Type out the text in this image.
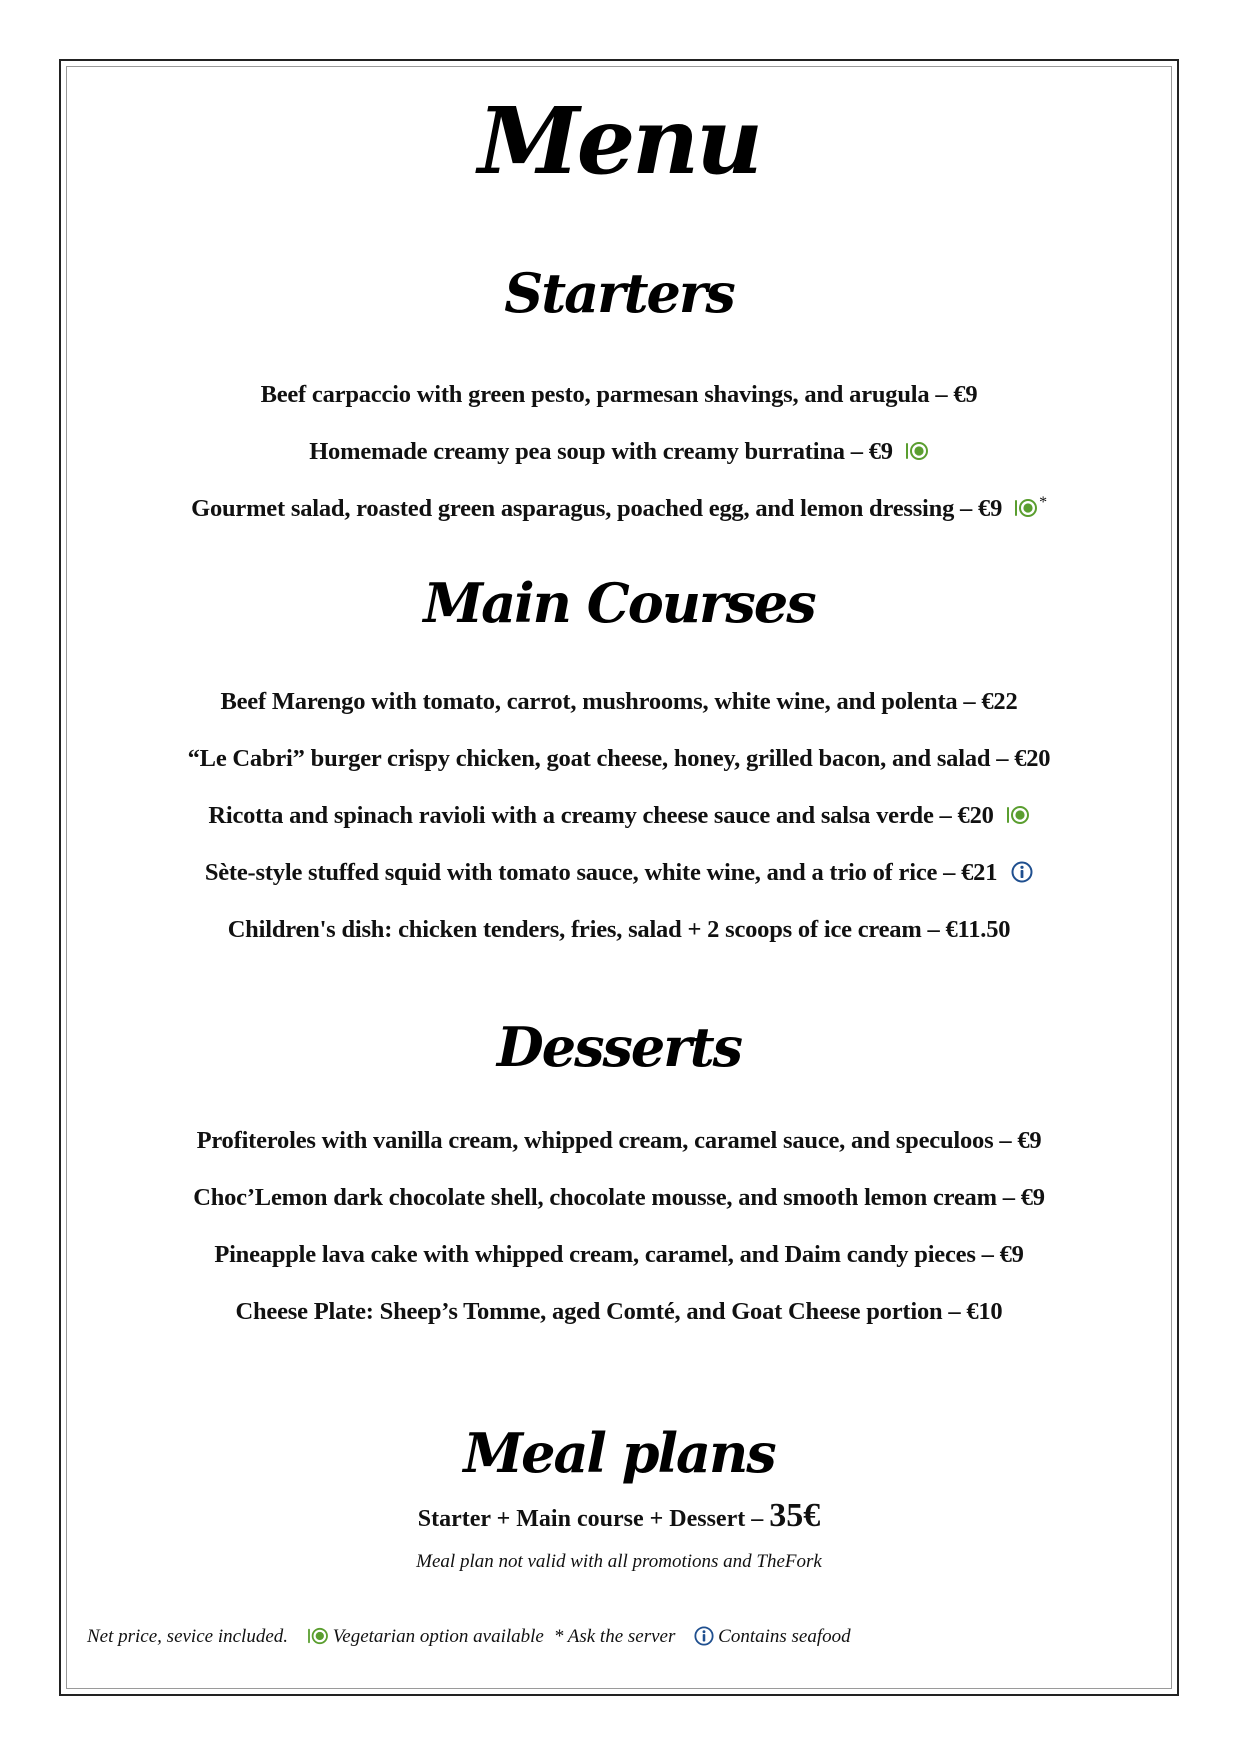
Menu
Starters
Beef carpaccio with green pesto, parmesan shavings, and arugula – €9
Homemade creamy pea soup with creamy burratina – €9
Gourmet salad, roasted green asparagus, poached egg, and lemon dressing – €9 *
Main Courses
Beef Marengo with tomato, carrot, mushrooms, white wine, and polenta – €22
“Le Cabri” burger crispy chicken, goat cheese, honey, grilled bacon, and salad – €20
Ricotta and spinach ravioli with a creamy cheese sauce and salsa verde – €20
Sète-style stuffed squid with tomato sauce, white wine, and a trio of rice – €21
Children's dish: chicken tenders, fries, salad + 2 scoops of ice cream – €11.50
Desserts
Profiteroles with vanilla cream, whipped cream, caramel sauce, and speculoos – €9
Choc’Lemon dark chocolate shell, chocolate mousse, and smooth lemon cream – €9
Pineapple lava cake with whipped cream, caramel, and Daim candy pieces – €9
Cheese Plate: Sheep’s Tomme, aged Comté, and Goat Cheese portion – €10
Meal plans

Starter + Main course + Dessert – 35€

Meal plan not valid with all promotions and TheFork

Net price, sevice included. Vegetarian option available * Ask the server Contains seafood
